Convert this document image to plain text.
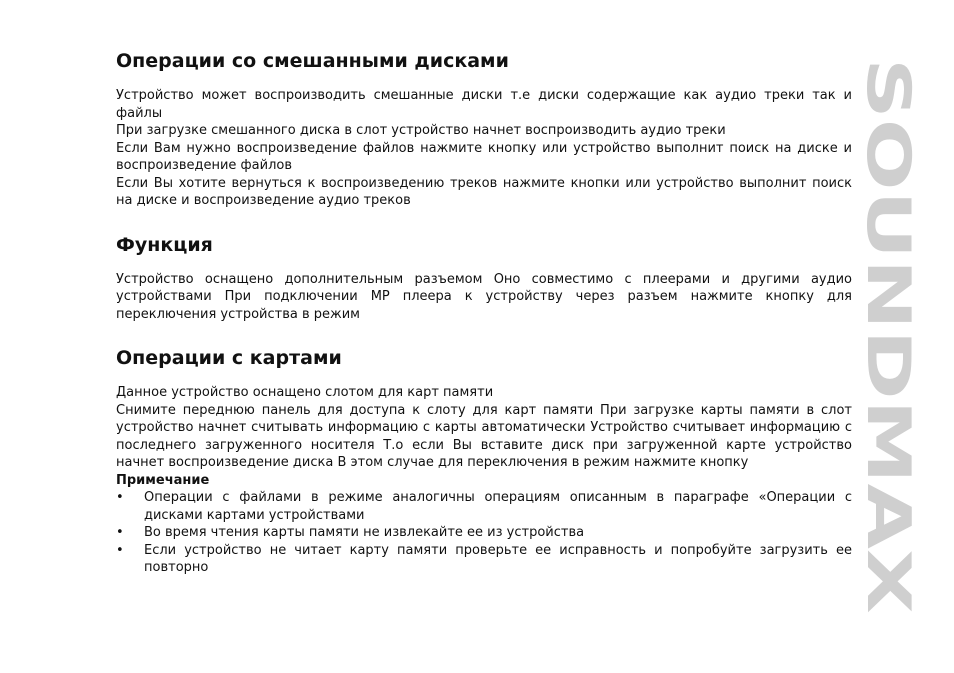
Операции со смешанными дисками

Устройство может воспроизводить смешанные диски т.е диски содержащие как аудио треки так и файлы

При загрузке смешанного диска в слот устройство начнет воспроизводить аудио треки

Если Вам нужно воспроизведение файлов нажмите кнопку или устройство выполнит поиск на диске и воспроизведение файлов

Если Вы хотите вернуться к воспроизведению треков нажмите кнопки или устройство выполнит поиск на диске и воспроизведение аудио треков

Функция

Устройство оснащено дополнительным разъемом Оно совместимо с плеерами и другими аудио устройствами При подключении МР плеера к устройству через разъем нажмите кнопку для переключения устройства в режим

Операции с картами

Данное устройство оснащено слотом для карт памяти

Снимите переднюю панель для доступа к слоту для карт памяти При загрузке карты памяти в слот устройство начнет считывать информацию с карты автоматически Устройство считывает информацию с последнего загруженного носителя Т.о если Вы вставите диск при загруженной карте устройство начнет воспроизведение диска В этом случае для переключения в режим нажмите кнопку

Примечание

• Операции с файлами в режиме аналогичны операциям описанным в параграфе «Операции с дисками картами устройствами
• Во время чтения карты памяти не извлекайте ее из устройства
• Если устройство не читает карту памяти проверьте ее исправность и попробуйте загрузить ее повторно
SOUNDMAX
